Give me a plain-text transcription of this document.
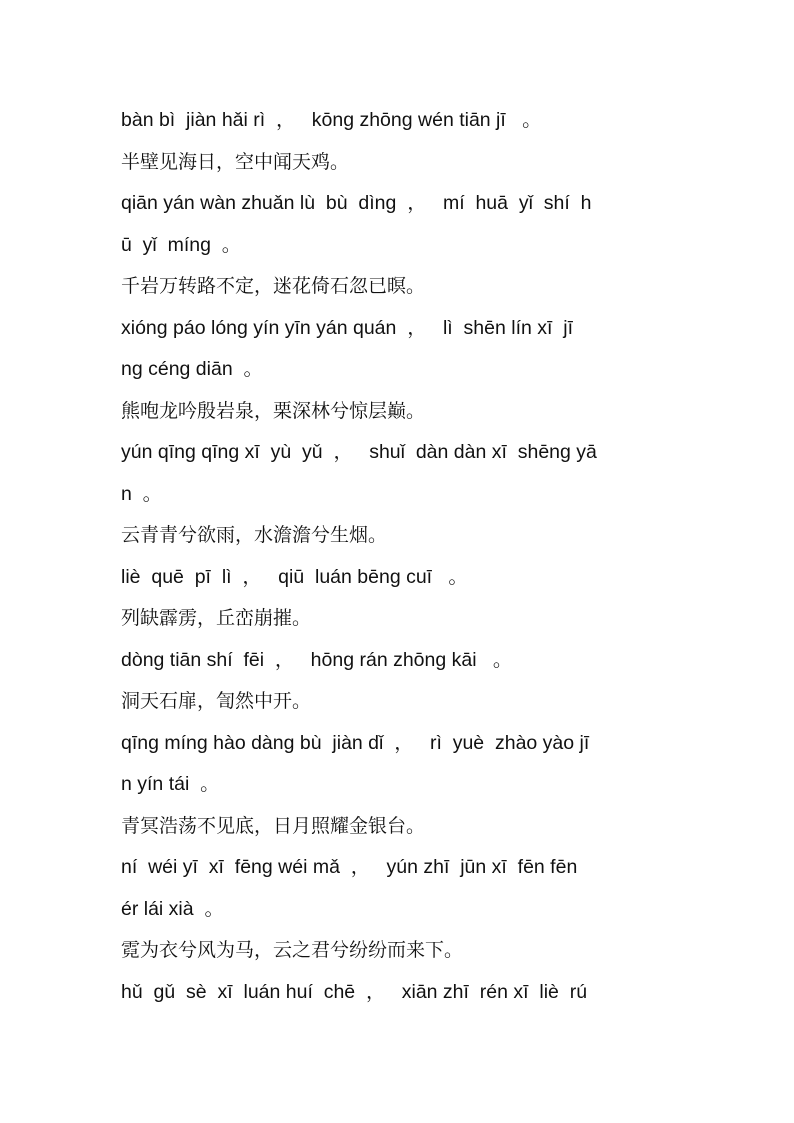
bàn bì  jiàn hǎi rì  ，   kōng zhōng wén tiān jī   。
半壁见海日，空中闻天鸡。
qiān yán wàn zhuǎn lù  bù  dìng  ，   mí  huā  yǐ  shí  h
ū  yǐ  míng  。
千岩万转路不定，迷花倚石忽已暝。
xióng páo lóng yín yīn yán quán  ，   lì  shēn lín xī  jī
ng céng diān  。
熊咆龙吟殷岩泉，栗深林兮惊层巅。
yún qīng qīng xī  yù  yǔ  ，   shuǐ  dàn dàn xī  shēng yā
n  。
云青青兮欲雨，水澹澹兮生烟。
liè  quē  pī  lì  ，   qiū  luán bēng cuī   。
列缺霹雳，丘峦崩摧。
dòng tiān shí  fēi  ，   hōng rán zhōng kāi   。
洞天石扉，訇然中开。
qīng míng hào dàng bù  jiàn dǐ  ，   rì  yuè  zhào yào jī
n yín tái  。
青冥浩荡不见底，日月照耀金银台。
ní  wéi yī  xī  fēng wéi mǎ  ，   yún zhī  jūn xī  fēn fēn
ér lái xià  。
霓为衣兮风为马，云之君兮纷纷而来下。
hǔ  gǔ  sè  xī  luán huí  chē  ，   xiān zhī  rén xī  liè  rú
